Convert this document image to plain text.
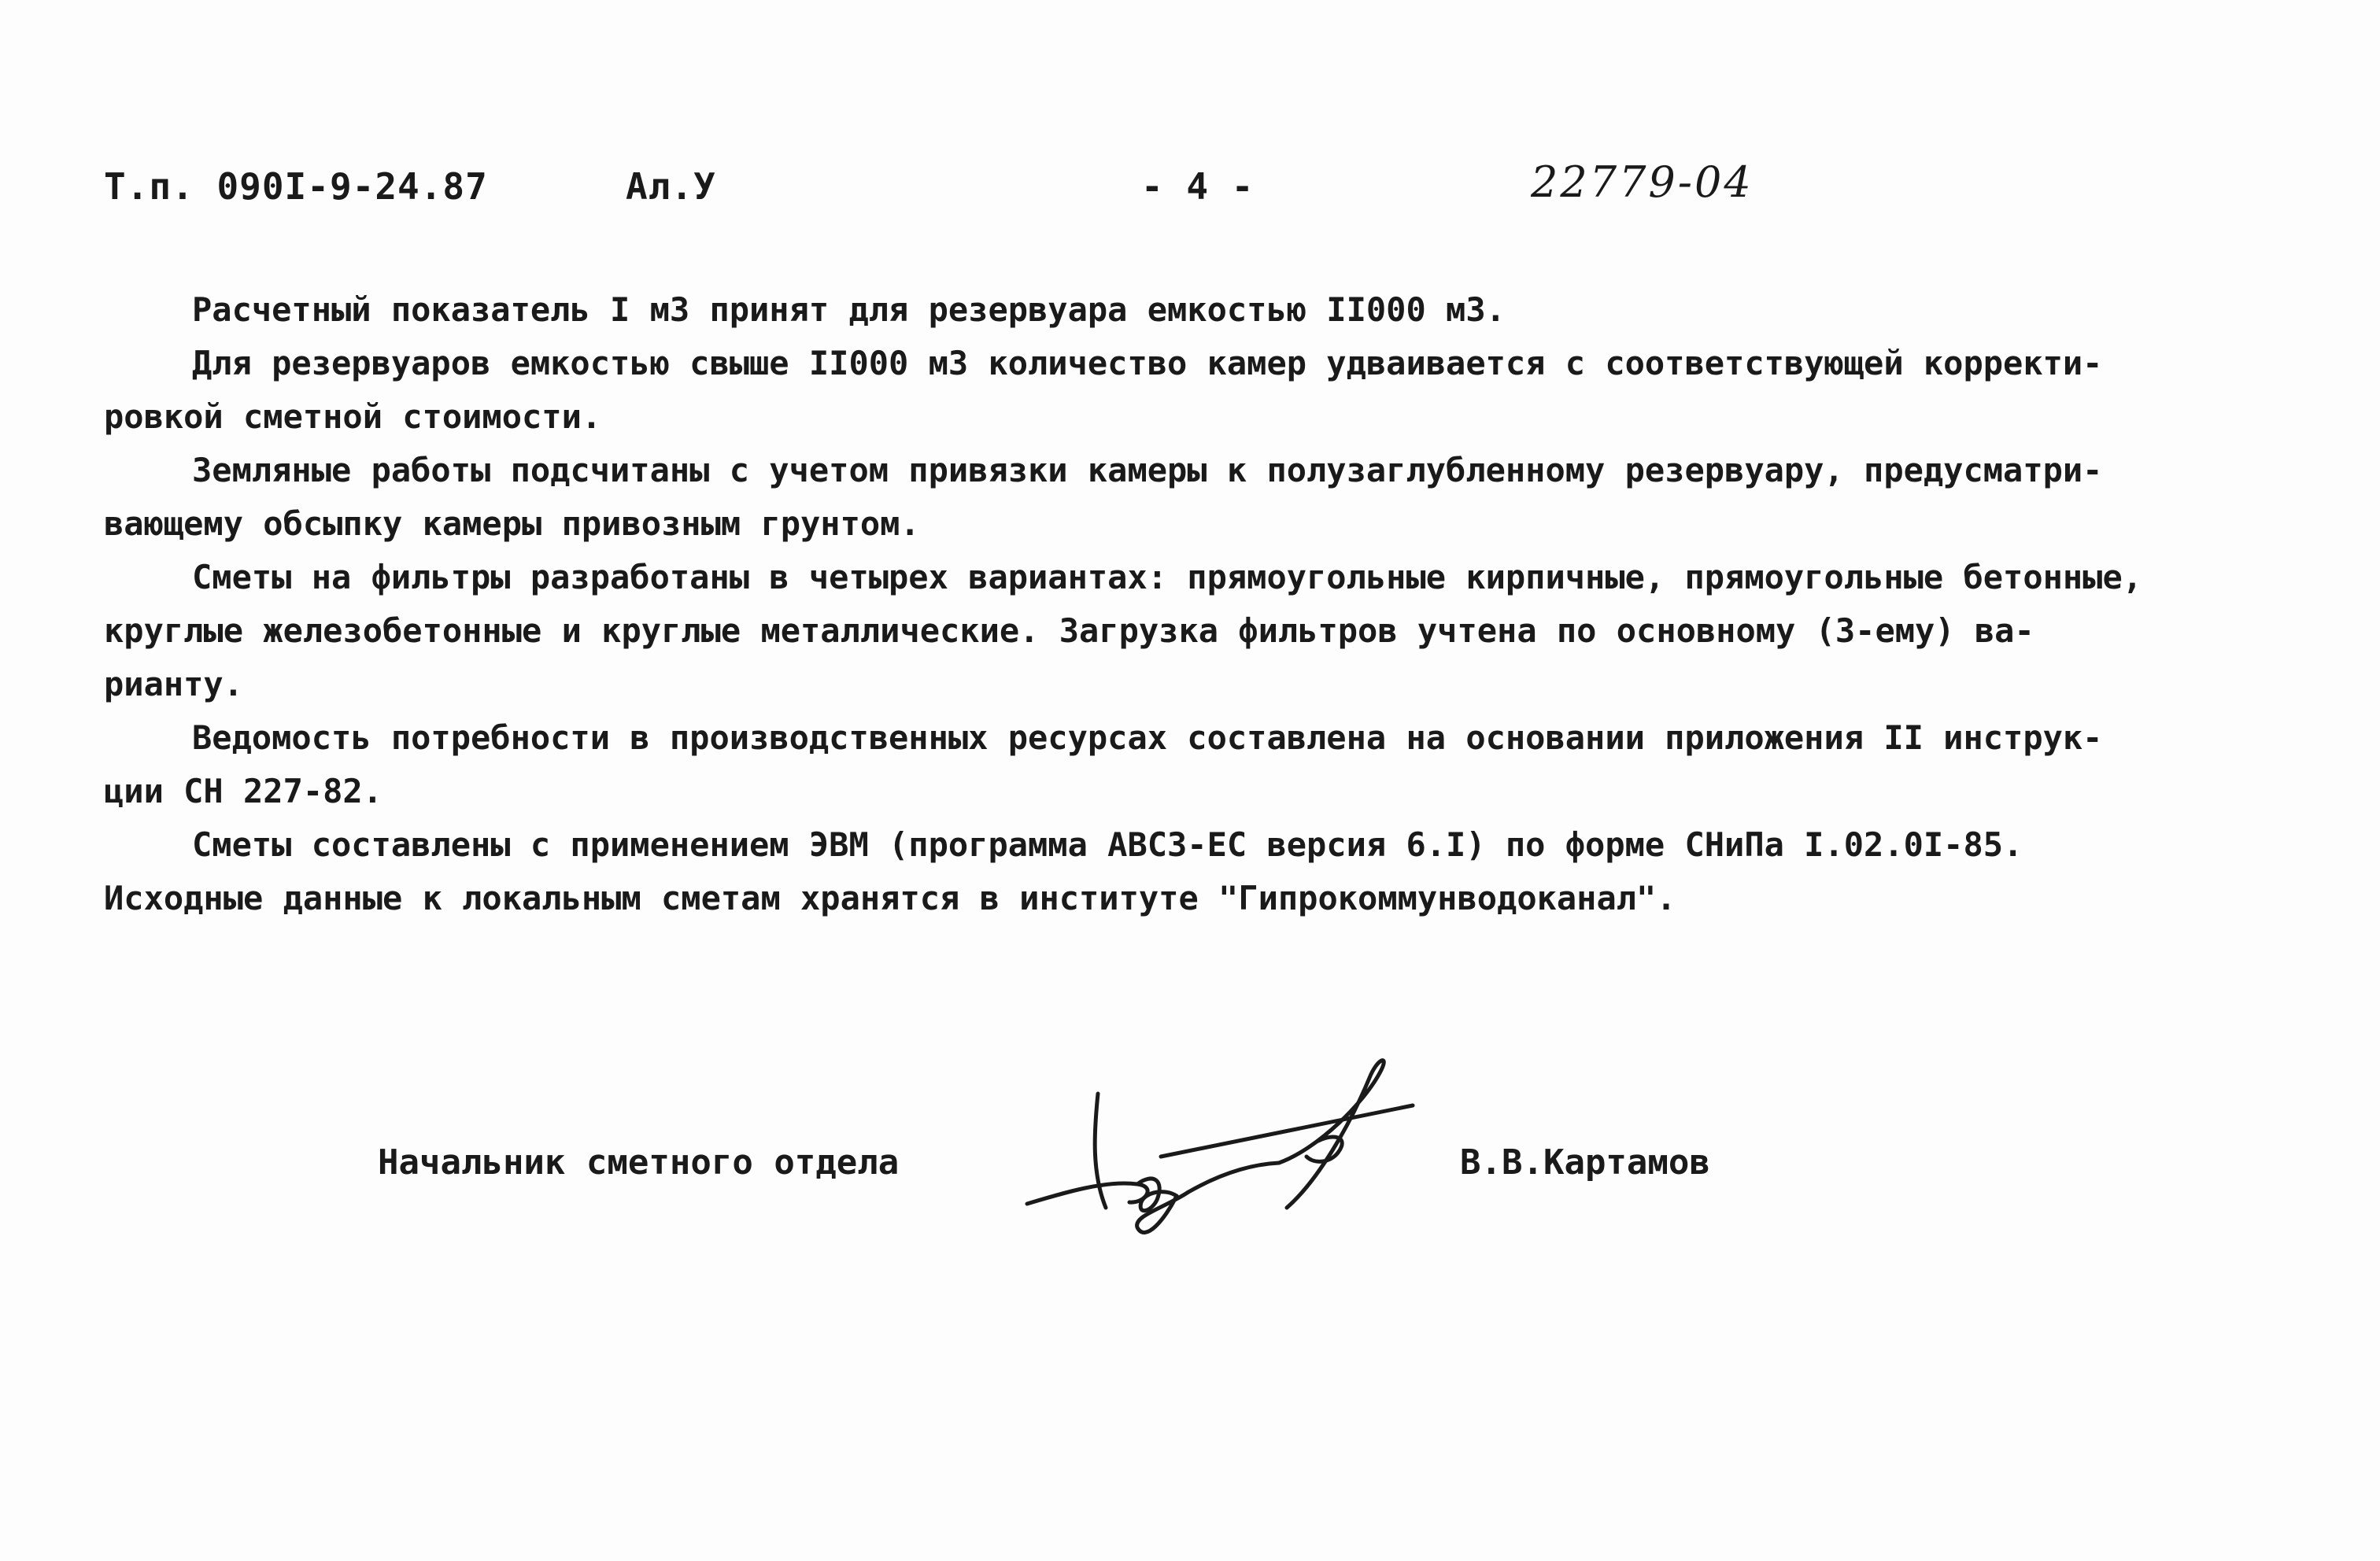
Т.п. 090I-9-24.87	Ал.У	- 4 -	22779-04
Расчетный показатель I м3 принят для резервуара емкостью II000 м3.
Для резервуаров емкостью свыше II000 м3 количество камер удваивается с соответствующей корректи-
ровкой сметной стоимости.
Земляные работы подсчитаны с учетом привязки камеры к полузаглубленному резервуару, предусматри-
вающему обсыпку камеры привозным грунтом.
Сметы на фильтры разработаны в четырех вариантах: прямоугольные кирпичные, прямоугольные бетонные,
круглые железобетонные и круглые металлические. Загрузка фильтров учтена по основному (3-ему) ва-
рианту.
Ведомость потребности в производственных ресурсах составлена на основании приложения II инструк-
ции СН 227-82.
Сметы составлены с применением ЭВМ (программа АВСЗ-ЕС версия 6.I) по форме СНиПа I.02.0I-85.
Исходные данные к локальным сметам хранятся в институте "Гипрокоммунводоканал".
Начальник сметного отдела	В.В.Картамов
